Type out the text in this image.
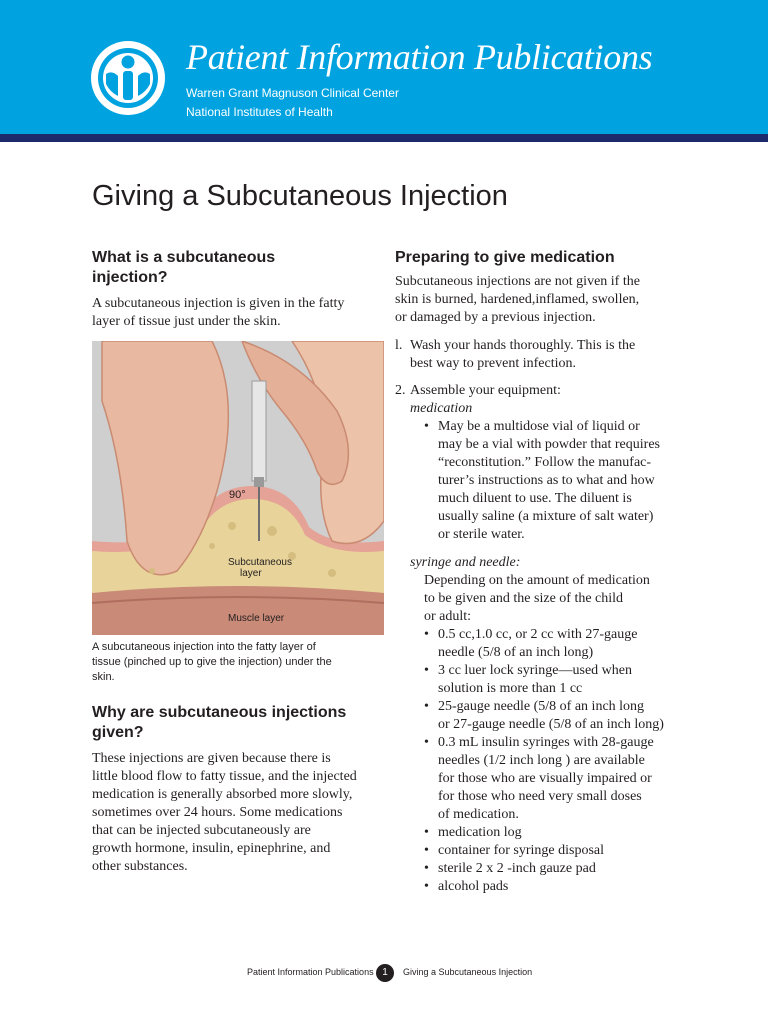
Patient Information Publications
Warren Grant Magnuson Clinical Center
National Institutes of Health
Giving a Subcutaneous Injection
What is a subcutaneous
injection?
A subcutaneous injection is given in the fatty
layer of tissue just under the skin.
90°
Subcutaneous
layer
Muscle layer
A subcutaneous injection into the fatty layer of
tissue (pinched up to give the injection) under the
skin.
Why are subcutaneous injections
given?
These injections are given because there is
little blood flow to fatty tissue, and the injected
medication is generally absorbed more slowly,
sometimes over 24 hours. Some medications
that can be injected subcutaneously are
growth hormone, insulin, epinephrine, and
other substances.
Preparing to give medication
Subcutaneous injections are not given if the
skin is burned, hardened,inflamed, swollen,
or damaged by a previous injection.
l. Wash your hands thoroughly. This is the
best way to prevent infection.
2. Assemble your equipment:
medication
• May be a multidose vial of liquid or
may be a vial with powder that requires
“reconstitution.” Follow the manufac-
turer’s instructions as to what and how
much diluent to use. The diluent is
usually saline (a mixture of salt water)
or sterile water.
syringe and needle:
Depending on the amount of medication
to be given and the size of the child
or adult:
• 0.5 cc,1.0 cc, or 2 cc with 27-gauge
needle (5/8 of an inch long)
• 3 cc luer lock syringe—used when
solution is more than 1 cc
• 25-gauge needle (5/8 of an inch long
or 27-gauge needle (5/8 of an inch long)
• 0.3 mL insulin syringes with 28-gauge
needles (1/2 inch long ) are available
for those who are visually impaired or
for those who need very small doses
of medication.
• medication log
• container for syringe disposal
• sterile 2 x 2 -inch gauze pad
• alcohol pads
Patient Information Publications 1	Giving a Subcutaneous Injection
